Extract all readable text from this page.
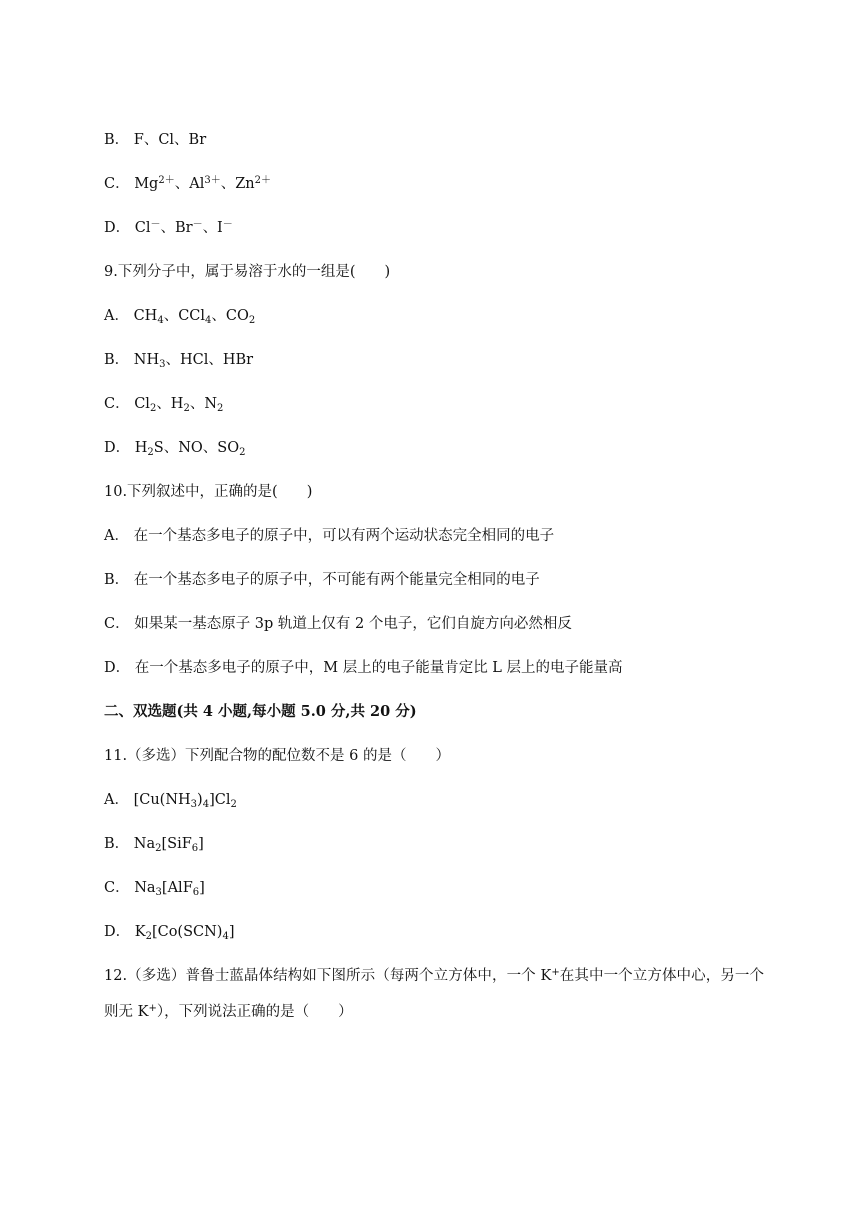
B． F、Cl、Br
C． $Mg^{2+}$、$Al^{3+}$、$Zn^{2+}$
D． Cl－、Br－、I－
9.下列分子中，属于易溶于水的一组是(　　)
A． $CH_4$、CCl$_4$、$CO_2$
B． $NH_3$、HCl、HBr
C． $Cl_2$、$H_2$、$N_2$
D． $H_2S$、NO、$SO_2$
10.下列叙述中，正确的是(　　)
A． 在一个基态多电子的原子中，可以有两个运动状态完全相同的电子
B． 在一个基态多电子的原子中，不可能有两个能量完全相同的电子
C． 如果某一基态原子 3p 轨道上仅有 2 个电子，它们自旋方向必然相反
D． 在一个基态多电子的原子中，M 层上的电子能量肯定比 L 层上的电子能量高
二、双选题(共 4 小题,每小题 5.0 分,共 20 分)
11.（多选）下列配合物的配位数不是 6 的是（　　）
A． $[Cu(NH_3)_4]Cl_2$
B． $Na_2[SiF_6]$
C． $Na_3[AlF_6]$
D． $K_2[Co(SCN)_4]$
12.（多选）普鲁士蓝晶体结构如下图所示（每两个立方体中，一个 K+在其中一个立方体中心，另一个则无 K+），下列说法正确的是（　　）
